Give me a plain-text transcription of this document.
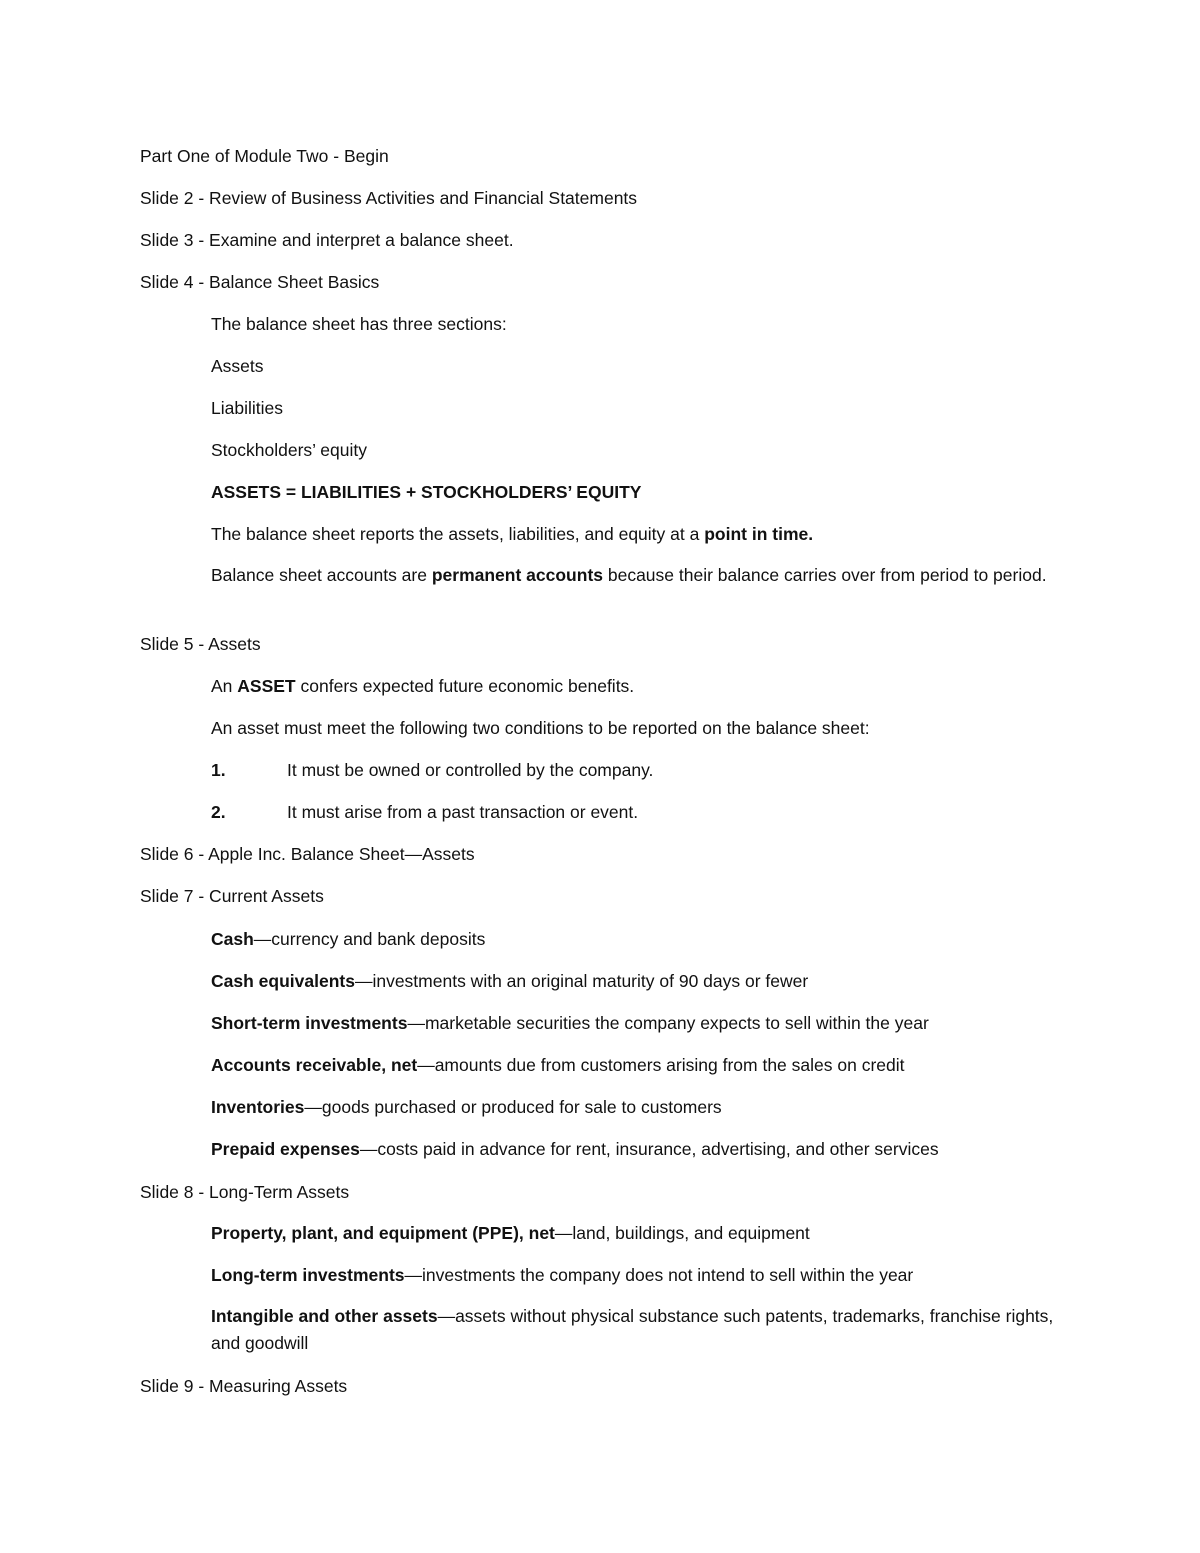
Part One of Module Two - Begin

Slide 2 - Review of Business Activities and Financial Statements

Slide 3 - Examine and interpret a balance sheet.

Slide 4 - Balance Sheet Basics

The balance sheet has three sections:

Assets

Liabilities

Stockholders’ equity

ASSETS = LIABILITIES + STOCKHOLDERS’ EQUITY

The balance sheet reports the assets, liabilities, and equity at a point in time.

Balance sheet accounts are permanent accounts because their balance carries over from period to period.

Slide 5 - Assets

An ASSET confers expected future economic benefits.

An asset must meet the following two conditions to be reported on the balance sheet:

1.	It must be owned or controlled by the company.

2.	It must arise from a past transaction or event.

Slide 6 - Apple Inc. Balance Sheet—Assets

Slide 7 - Current Assets

Cash—currency and bank deposits

Cash equivalents—investments with an original maturity of 90 days or fewer

Short-term investments—marketable securities the company expects to sell within the year

Accounts receivable, net—amounts due from customers arising from the sales on credit

Inventories—goods purchased or produced for sale to customers

Prepaid expenses—costs paid in advance for rent, insurance, advertising, and other services

Slide 8 - Long-Term Assets

Property, plant, and equipment (PPE), net—land, buildings, and equipment

Long-term investments—investments the company does not intend to sell within the year

Intangible and other assets—assets without physical substance such patents, trademarks, franchise rights, and goodwill

Slide 9 - Measuring Assets
